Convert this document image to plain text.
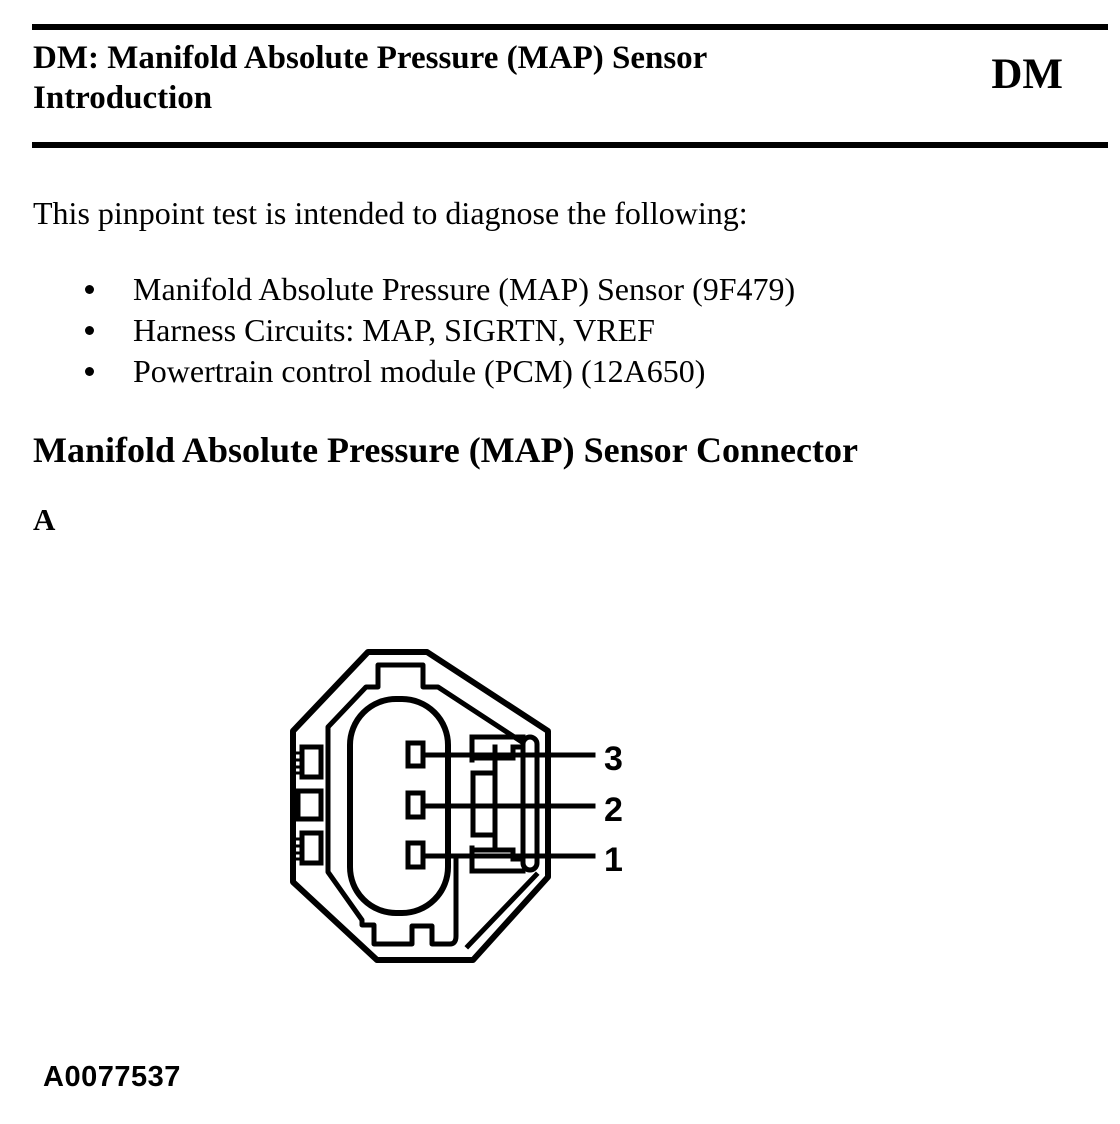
DM: Manifold Absolute Pressure (MAP) Sensor
Introduction	DM
This pinpoint test is intended to diagnose the following:
Manifold Absolute Pressure (MAP) Sensor (9F479)
Harness Circuits: MAP, SIGRTN, VREF
Powertrain control module (PCM) (12A650)
Manifold Absolute Pressure (MAP) Sensor Connector
A
3
2
1
A0077537
